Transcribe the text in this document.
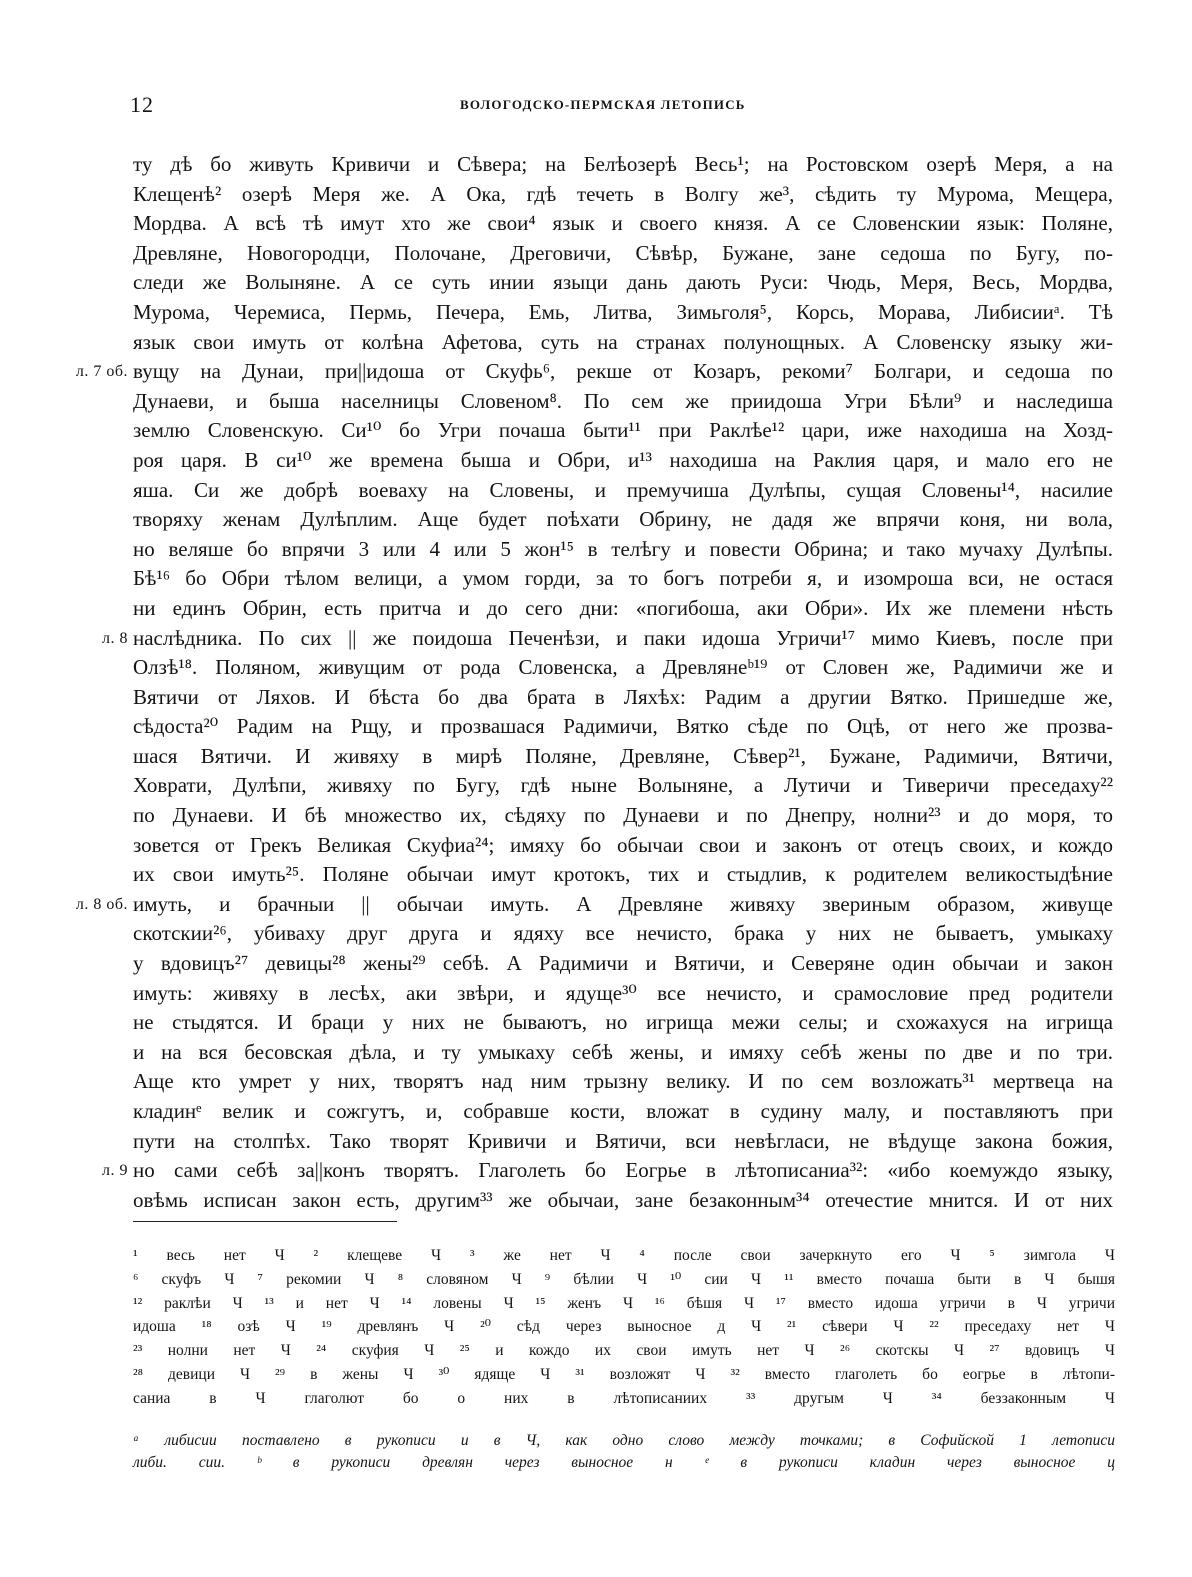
12	ВОЛОГОДСКО-ПЕРМСКАЯ ЛЕТОПИСЬ
ту дѣ бо живуть Кривичи и Сѣвера; на Белѣозерѣ Весь¹; на Ростовском озерѣ Меря, а на
Клещенѣ² озерѣ Меря же. А Ока, гдѣ течеть в Волгу же³, сѣдить ту Мурома, Мещера,
Мордва. А всѣ тѣ имут хто же свои⁴ язык и своего князя. А се Словенскии язык: Поляне,
Древляне, Новогородци, Полочане, Дреговичи, Сѣвѣр, Бужане, зане седоша по Бугу, по-
следи же Волыняне. А се суть инии языци дань дають Руси: Чюдь, Меря, Весь, Мордва,
Мурома, Черемиса, Пермь, Печера, Емь, Литва, Зимьголя⁵, Корсь, Морава, Либисииᵃ. Тѣ
язык свои имуть от колѣна Афетова, суть на странах полунощных. А Словенску языку жи-
вущу на Дунаи, при||идоша от Скуфь⁶, рекше от Козаръ, рекоми⁷ Болгари, и седоша по
л. 7 об.
Дунаеви, и быша населницы Словеном⁸. По сем же приидоша Угри Бѣли⁹ и наследиша
землю Словенскую. Си¹⁰ бо Угри почаша быти¹¹ при Раклѣе¹² цари, иже находиша на Хозд-
роя царя. В си¹⁰ же времена быша и Обри, и¹³ находиша на Раклия царя, и мало его не
яша. Си же добрѣ воеваху на Словены, и премучиша Дулѣпы, сущая Словены¹⁴, насилие
творяху женам Дулѣплим. Аще будет поѣхати Обрину, не дадя же впрячи коня, ни вола,
но веляше бо впрячи 3 или 4 или 5 жон¹⁵ в телѣгу и повести Обрина; и тако мучаху Дулѣпы.
Бѣ¹⁶ бо Обри тѣлом велици, а умом горди, за то богъ потреби я, и изомроша вси, не остася
ни единъ Обрин, есть притча и до сего дни: «погибоша, аки Обри». Их же племени нѣсть
наслѣдника. По сих || же поидоша Печенѣзи, и паки идоша Угричи¹⁷ мимо Киевъ, после при
л. 8
Олзѣ¹⁸. Поляном, живущим от рода Словенска, а Древлянеᵇ¹⁹ от Словен же, Радимичи же и
Вятичи от Ляхов. И бѣста бо два брата в Ляхѣх: Радим а другии Вятко. Пришедше же,
сѣдоста²⁰ Радим на Рщу, и прозвашася Радимичи, Вятко сѣде по Оцѣ, от него же прозва-
шася Вятичи. И живяху в мирѣ Поляне, Древляне, Сѣвер²¹, Бужане, Радимичи, Вятичи,
Ховрати, Дулѣпи, живяху по Бугу, гдѣ ныне Волыняне, а Лутичи и Тиверичи преседаху²²
по Дунаеви. И бѣ множество их, сѣдяху по Дунаеви и по Днепру, нолни²³ и до моря, то
зовется от Грекъ Великая Скуфиа²⁴; имяху бо обычаи свои и законъ от отецъ своих, и кождо
их свои имуть²⁵. Поляне обычаи имут кротокъ, тих и стыдлив, к родителем великостыдѣние
имуть, и брачныи || обычаи имуть. А Древляне живяху звериным образом, живуще
л. 8 об.
скотскии²⁶, убиваху друг друга и ядяху все нечисто, брака у них не бываетъ, умыкаху
у вдовицъ²⁷ девицы²⁸ жены²⁹ себѣ. А Радимичи и Вятичи, и Северяне один обычаи и закон
имуть: живяху в лесѣх, аки звѣри, и ядуще³⁰ все нечисто, и срамословие пред родители
не стыдятся. И браци у них не бываютъ, но игрища межи селы; и схожахуся на игрища
и на вся бесовская дѣла, и ту умыкаху себѣ жены, и имяху себѣ жены по две и по три.
Аще кто умрет у них, творятъ над ним трызну велику. И по сем возложать³¹ мертвеца на
кладинᵉ велик и сожгутъ, и, собравше кости, вложат в судину малу, и поставляютъ при
пути на столпѣх. Тако творят Кривичи и Вятичи, вси невѣгласи, не вѣдуще закона божия,
но сами себѣ за||конъ творятъ. Глаголеть бо Еогрье в лѣтописаниа³²: «ибо коемуждо языку,
л. 9
овѣмь исписан закон есть, другим³³ же обычаи, зане безаконным³⁴ отечестие мнится. И от них
¹ весь нет Ч ² клещеве Ч ³ же нет Ч ⁴ после свои зачеркнуто его Ч ⁵ зимгола Ч
⁶ скуфъ Ч ⁷ рекомии Ч ⁸ словяном Ч ⁹ бѣлии Ч ¹⁰ сии Ч ¹¹ вместо почаша быти в Ч бышя
¹² раклѣи Ч ¹³ и нет Ч ¹⁴ ловены Ч ¹⁵ женъ Ч ¹⁶ бѣшя Ч ¹⁷ вместо идоша угричи в Ч угричи
идоша ¹⁸ озѣ Ч ¹⁹ древлянъ Ч ²⁰ сѣд через выносное д Ч ²¹ сѣвери Ч ²² преседаху нет Ч
²³ нолни нет Ч ²⁴ скуфия Ч ²⁵ и кождо их свои имуть нет Ч ²⁶ скотскы Ч ²⁷ вдовицъ Ч
²⁸ девици Ч ²⁹ в жены Ч ³⁰ ядяще Ч ³¹ возложят Ч ³² вместо глаголеть бо еогрье в лѣтопи-
саниа в Ч глаголют бо о них в лѣтописаниих ³³ другым Ч ³⁴ беззаконным Ч
ᵃ либисии поставлено в рукописи и в Ч, как одно слово между точками; в Софийской 1 летописи
либи. сии. ᵇ в рукописи древлян через выносное н ᵉ в рукописи кладин через выносное ц
